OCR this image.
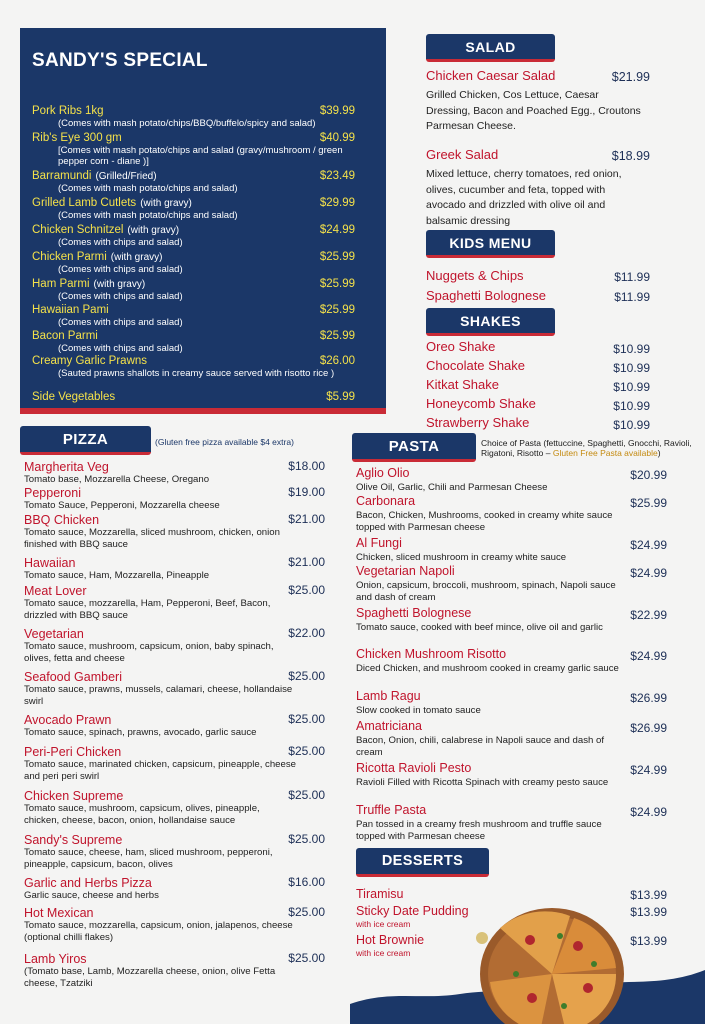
SANDY'S SPECIAL
SALAD
KIDS MENU
SHAKES
PIZZA	(Gluten free pizza available $4 extra)	PASTA	Choice of Pasta (fettuccine, Spaghetti, Gnocchi, Ravioli, Rigatoni, Risotto – Gluten Free Pasta available)
DESSERTS
Pork Ribs 1kg	$39.99
(Comes with mash potato/chips/BBQ/buffelo/spicy and salad)
Rib's Eye 300 gm	$40.99
[Comes with mash potato/chips and salad (gravy/mushroom / green pepper corn - diane )]
Barramundi (Grilled/Fried)	$23.49
(Comes with mash potato/chips and salad)
Grilled Lamb Cutlets (with gravy)	$29.99
(Comes with mash potato/chips and salad)
Chicken Schnitzel (with gravy)	$24.99
(Comes with chips and salad)
Chicken Parmi (with gravy)	$25.99
(Comes with chips and salad)
Ham Parmi (with gravy)	$25.99
(Comes with chips and salad)
Hawaiian Pami	$25.99
(Comes with chips and salad)
Bacon Parmi	$25.99
(Comes with chips and salad)
Creamy Garlic Prawns	$26.00
(Sauted prawns shallots in creamy sauce served with risotto rice )
Side Vegetables	$5.99
Chicken Caesar Salad	$21.99
Grilled Chicken, Cos Lettuce, Caesar Dressing, Bacon and Poached Egg., Croutons Parmesan Cheese.
Greek Salad	$18.99
Mixed lettuce, cherry tomatoes, red onion, olives, cucumber and feta, topped with avocado and drizzled with olive oil and balsamic dressing
Nuggets & Chips	$11.99
Spaghetti Bolognese	$11.99
Oreo Shake	$10.99
Chocolate Shake	$10.99
Kitkat Shake	$10.99
Honeycomb Shake	$10.99
Strawberry Shake	$10.99
Margherita Veg	$18.00
Tomato base, Mozzarella Cheese, Oregano
Pepperoni	$19.00
Tomato Sauce, Pepperoni, Mozzarella cheese
BBQ Chicken	$21.00
Tomato sauce, Mozzarella, sliced mushroom, chicken, onion finished with BBQ sauce
Hawaiian	$21.00
Tomato sauce, Ham, Mozzarella, Pineapple
Meat Lover	$25.00
Tomato sauce, mozzarella, Ham, Pepperoni, Beef, Bacon, drizzled with BBQ sauce
Vegetarian	$22.00
Tomato sauce, mushroom, capsicum, onion, baby spinach, olives, fetta and cheese
Seafood Gamberi	$25.00
Tomato sauce, prawns, mussels, calamari, cheese, hollandaise swirl
Avocado Prawn	$25.00
Tomato sauce, spinach, prawns, avocado, garlic sauce
Peri-Peri Chicken	$25.00
Tomato sauce, marinated chicken, capsicum, pineapple, cheese and peri peri swirl
Chicken Supreme	$25.00
Tomato sauce, mushroom, capsicum, olives, pineapple, chicken, cheese, bacon, onion, hollandaise sauce
Sandy's Supreme	$25.00
Tomato sauce, cheese, ham, sliced mushroom, pepperoni, pineapple, capsicum, bacon, olives
Garlic and Herbs Pizza	$16.00
Garlic sauce, cheese and herbs
Hot Mexican	$25.00
Tomato sauce, mozzarella, capsicum, onion, jalapenos, cheese (optional chilli flakes)
Lamb Yiros	$25.00
(Tomato base, Lamb, Mozzarella cheese, onion, olive Fetta cheese, Tzatziki
Aglio Olio	$20.99
Olive Oil, Garlic, Chili and Parmesan Cheese
Carbonara	$25.99
Bacon, Chicken, Mushrooms, cooked in creamy white sauce topped with Parmesan cheese
Al Fungi	$24.99
Chicken, sliced mushroom in creamy white sauce
Vegetarian Napoli	$24.99
Onion, capsicum, broccoli, mushroom, spinach, Napoli sauce and dash of cream
Spaghetti Bolognese	$22.99
Tomato sauce, cooked with beef mince, olive oil and garlic
Chicken Mushroom Risotto	$24.99
Diced Chicken, and mushroom cooked in creamy garlic sauce
Lamb Ragu	$26.99
Slow cooked in tomato sauce
Amatriciana	$26.99
Bacon, Onion, chili, calabrese in Napoli sauce and dash of cream
Ricotta Ravioli Pesto	$24.99
Ravioli Filled with Ricotta Spinach with creamy pesto sauce
Truffle Pasta	$24.99
Pan tossed in a creamy fresh mushroom and truffle sauce topped with Parmesan cheese
Tiramisu	$13.99
Sticky Date Pudding	$13.99
with ice cream
Hot Brownie	$13.99
with ice cream
